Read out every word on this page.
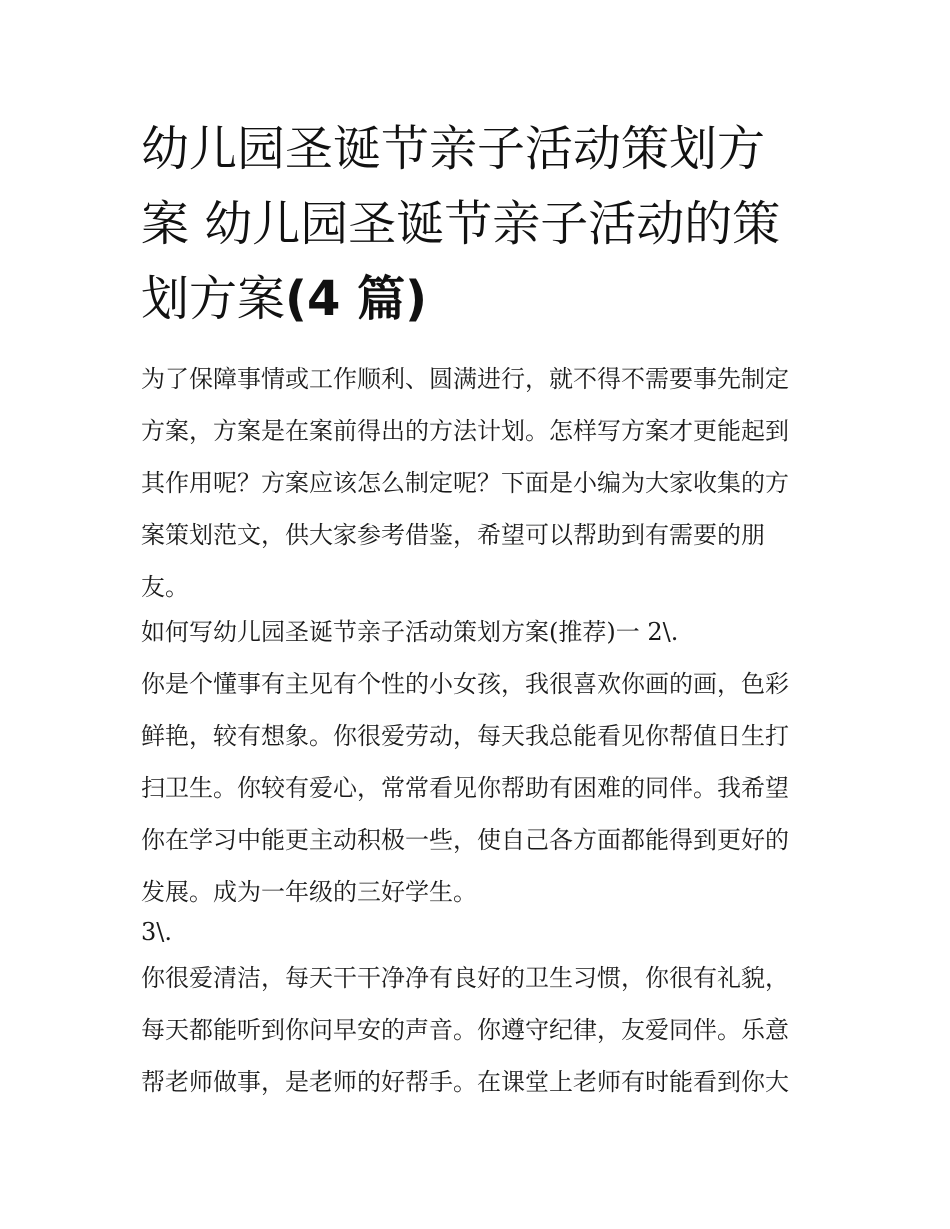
幼儿园圣诞节亲子活动策划方
案 幼儿园圣诞节亲子活动的策
划方案(4 篇)
为了保障事情或工作顺利、圆满进行，就不得不需要事先制定
方案，方案是在案前得出的方法计划。怎样写方案才更能起到
其作用呢？方案应该怎么制定呢？下面是小编为大家收集的方
案策划范文，供大家参考借鉴，希望可以帮助到有需要的朋
友。
如何写幼儿园圣诞节亲子活动策划方案(推荐)一 2\.
你是个懂事有主见有个性的小女孩，我很喜欢你画的画，色彩
鲜艳，较有想象。你很爱劳动，每天我总能看见你帮值日生打
扫卫生。你较有爱心，常常看见你帮助有困难的同伴。我希望
你在学习中能更主动积极一些，使自己各方面都能得到更好的
发展。成为一年级的三好学生。
3\.
你很爱清洁，每天干干净净有良好的卫生习惯，你很有礼貌，
每天都能听到你问早安的声音。你遵守纪律，友爱同伴。乐意
帮老师做事，是老师的好帮手。在课堂上老师有时能看到你大
